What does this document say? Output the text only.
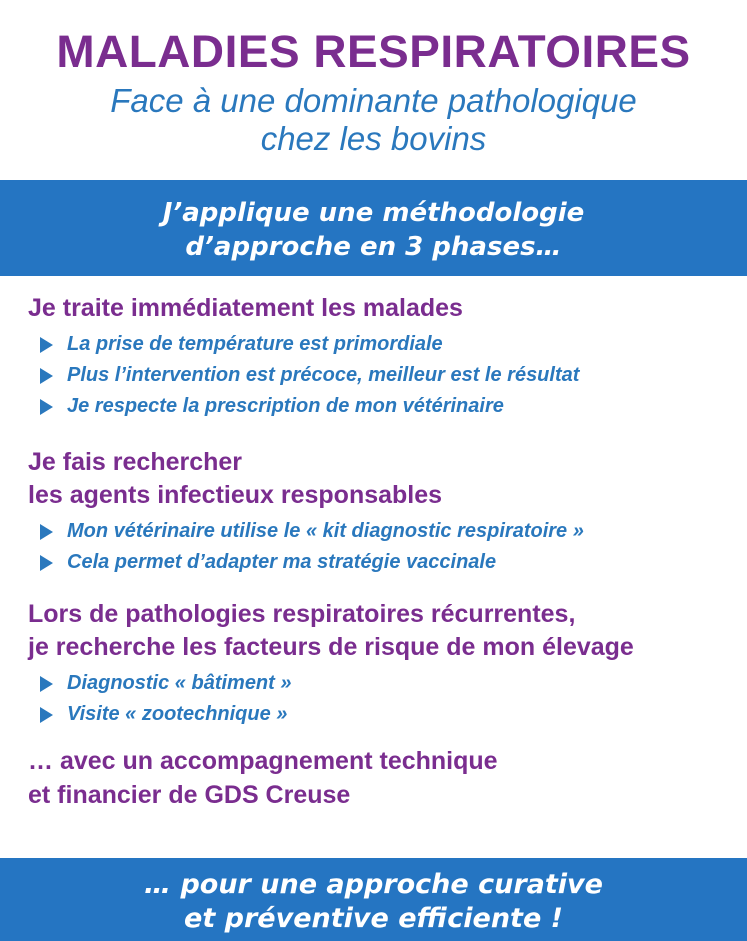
MALADIES RESPIRATOIRES
Face à une dominante pathologique
chez les bovins
J’applique une méthodologie
d’approche en 3 phases…
Je traite immédiatement les malades
La prise de température est primordiale
Plus l’intervention est précoce, meilleur est le résultat
Je respecte la prescription de mon vétérinaire
Je fais rechercher
les agents infectieux responsables
Mon vétérinaire utilise le « kit diagnostic respiratoire »
Cela permet d’adapter ma stratégie vaccinale
Lors de pathologies respiratoires récurrentes,
je recherche les facteurs de risque de mon élevage
Diagnostic « bâtiment »
Visite « zootechnique »
… avec un accompagnement technique
et financier de GDS Creuse
… pour une approche curative
et préventive efficiente !
